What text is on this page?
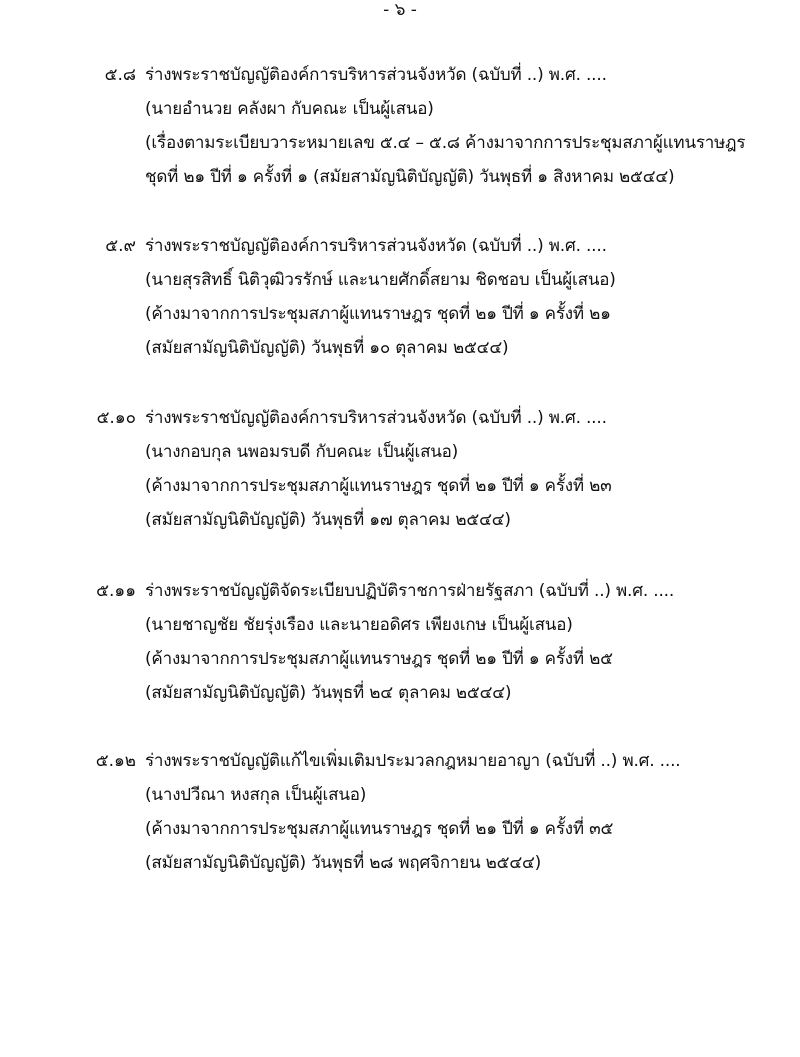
- ๖ -
๕.๘ ร่างพระราชบัญญัติองค์การบริหารส่วนจังหวัด (ฉบับที่ ..) พ.ศ. ....
(นายอำนวย คลังผา กับคณะ เป็นผู้เสนอ)
(เรื่องตามระเบียบวาระหมายเลข ๕.๔ – ๕.๘ ค้างมาจากการประชุมสภาผู้แทนราษฎร
ชุดที่ ๒๑ ปีที่ ๑ ครั้งที่ ๑ (สมัยสามัญนิติบัญญัติ) วันพุธที่ ๑ สิงหาคม ๒๕๔๔)
๕.๙ ร่างพระราชบัญญัติองค์การบริหารส่วนจังหวัด (ฉบับที่ ..) พ.ศ. ....
(นายสุรสิทธิ์ นิติวุฒิวรรักษ์ และนายศักดิ์สยาม ชิดชอบ เป็นผู้เสนอ)
(ค้างมาจากการประชุมสภาผู้แทนราษฎร ชุดที่ ๒๑ ปีที่ ๑ ครั้งที่ ๒๑
(สมัยสามัญนิติบัญญัติ) วันพุธที่ ๑๐ ตุลาคม ๒๕๔๔)
๕.๑๐ ร่างพระราชบัญญัติองค์การบริหารส่วนจังหวัด (ฉบับที่ ..) พ.ศ. ....
(นางกอบกุล นพอมรบดี กับคณะ เป็นผู้เสนอ)
(ค้างมาจากการประชุมสภาผู้แทนราษฎร ชุดที่ ๒๑ ปีที่ ๑ ครั้งที่ ๒๓
(สมัยสามัญนิติบัญญัติ) วันพุธที่ ๑๗ ตุลาคม ๒๕๔๔)
๕.๑๑ ร่างพระราชบัญญัติจัดระเบียบปฏิบัติราชการฝ่ายรัฐสภา (ฉบับที่ ..) พ.ศ. ....
(นายชาญชัย ชัยรุ่งเรือง และนายอดิศร เพียงเกษ เป็นผู้เสนอ)
(ค้างมาจากการประชุมสภาผู้แทนราษฎร ชุดที่ ๒๑ ปีที่ ๑ ครั้งที่ ๒๕
(สมัยสามัญนิติบัญญัติ) วันพุธที่ ๒๔ ตุลาคม ๒๕๔๔)
๕.๑๒ ร่างพระราชบัญญัติแก้ไขเพิ่มเติมประมวลกฎหมายอาญา (ฉบับที่ ..) พ.ศ. ....
(นางปวีณา หงสกุล เป็นผู้เสนอ)
(ค้างมาจากการประชุมสภาผู้แทนราษฎร ชุดที่ ๒๑ ปีที่ ๑ ครั้งที่ ๓๕
(สมัยสามัญนิติบัญญัติ) วันพุธที่ ๒๘ พฤศจิกายน ๒๕๔๔)
